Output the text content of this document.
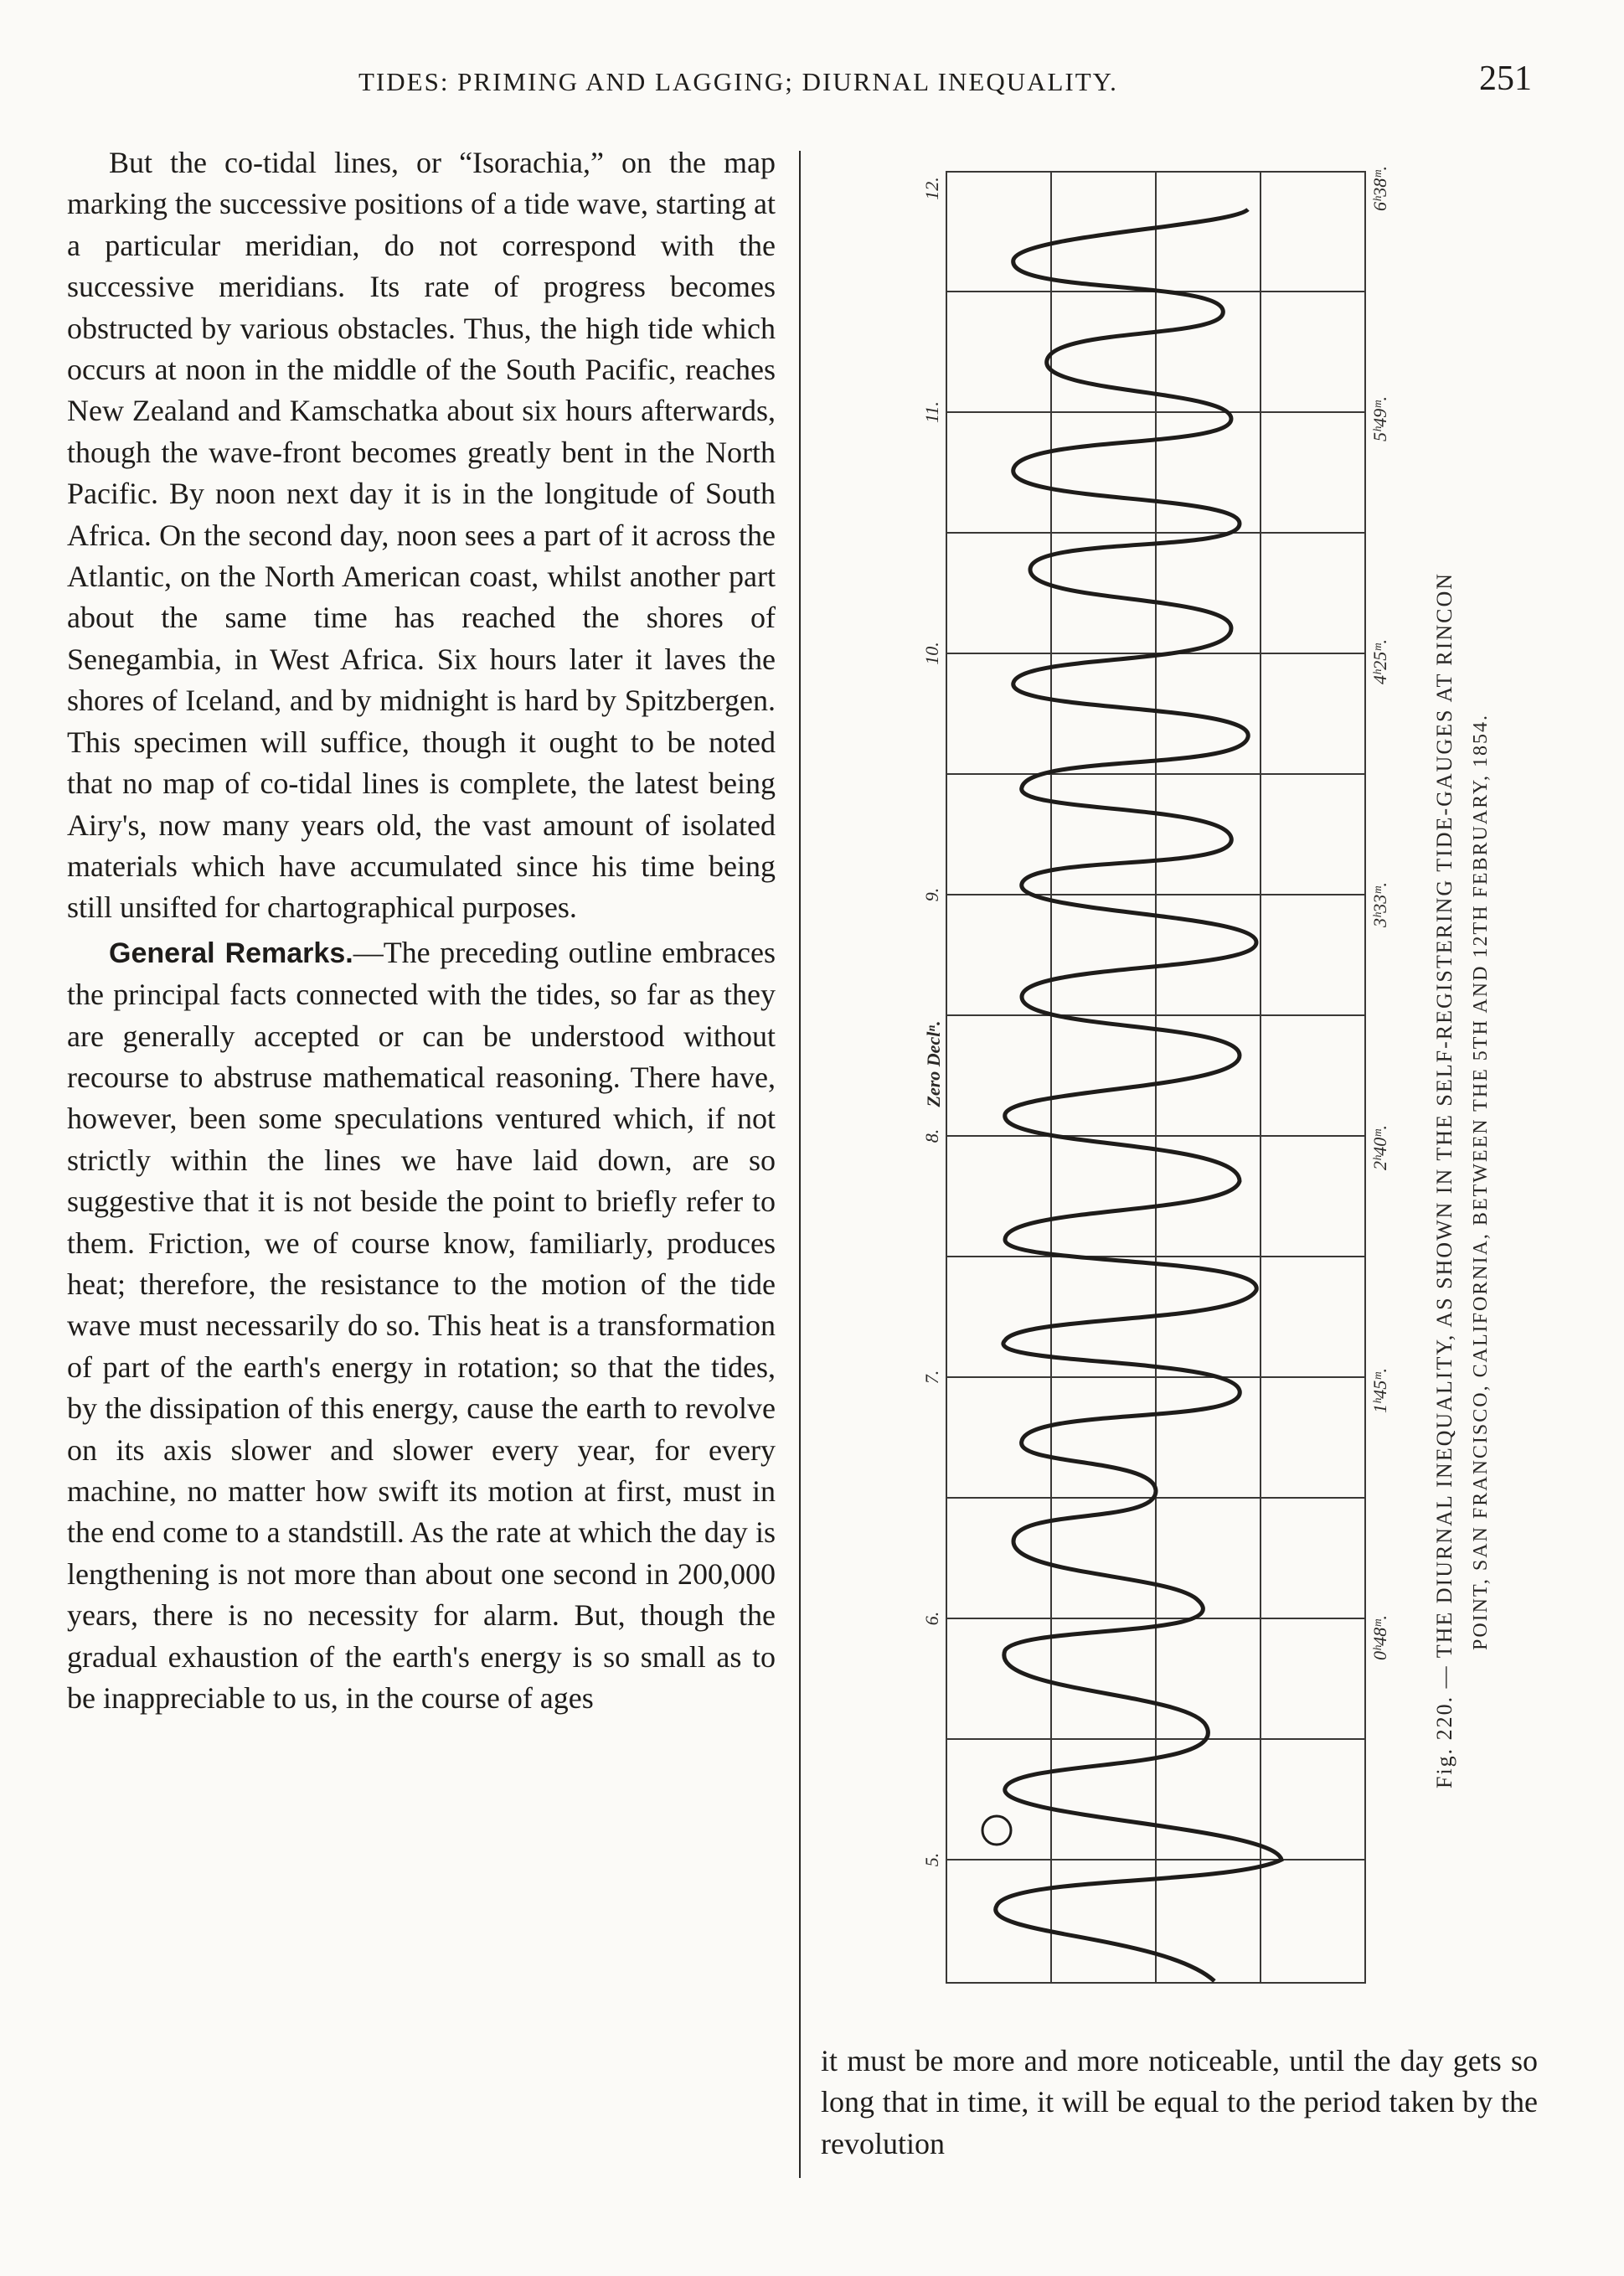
TIDES: PRIMING AND LAGGING; DIURNAL INEQUALITY.	251

But the co-tidal lines, or “Isorachia,” on the map marking the successive positions of a tide wave, starting at a particular meridian, do not correspond with the successive meridians. Its rate of progress becomes obstructed by various obstacles. Thus, the high tide which occurs at noon in the middle of the South Pacific, reaches New Zealand and Kamschatka about six hours afterwards, though the wave-front becomes greatly bent in the North Pacific. By noon next day it is in the longitude of South Africa. On the second day, noon sees a part of it across the Atlantic, on the North American coast, whilst another part about the same time has reached the shores of Senegambia, in West Africa. Six hours later it laves the shores of Iceland, and by midnight is hard by Spitzbergen. This specimen will suffice, though it ought to be noted that no map of co-tidal lines is complete, the latest being Airy's, now many years old, the vast amount of isolated materials which have accumulated since his time being still unsifted for chartographical purposes.

General Remarks.—The preceding outline embraces the principal facts connected with the tides, so far as they are generally accepted or can be understood without recourse to abstruse mathematical reasoning. There have, however, been some speculations ventured which, if not strictly within the lines we have laid down, are so suggestive that it is not beside the point to briefly refer to them. Friction, we of course know, familiarly, produces heat; therefore, the resistance to the motion of the tide wave must necessarily do so. This heat is a transformation of part of the earth's energy in rotation; so that the tides, by the dissipation of this energy, cause the earth to revolve on its axis slower and slower every year, for every machine, no matter how swift its motion at first, must in the end come to a standstill. As the rate at which the day is lengthening is not more than about one second in 200,000 years, there is no necessity for alarm. But, though the gradual exhaustion of the earth's energy is so small as to be inappreciable to us, in the course of ages

12.
11.
10.
9.
8.
7.
6.
5.
Zero Declⁿ.
6ʰ38ᵐ.
5ʰ49ᵐ.
4ʰ25ᵐ.
3ʰ33ᵐ.
2ʰ40ᵐ.
1ʰ45ᵐ.
0ʰ48ᵐ. Fig. 220. — THE DIURNAL INEQUALITY, AS SHOWN IN THE SELF-REGISTERING TIDE-GAUGES AT RINCON POINT, SAN FRANCISCO, CALIFORNIA, BETWEEN THE 5TH AND 12TH FEBRUARY, 1854.
it must be more and more noticeable, until the day gets so long that in time, it will be equal to the period taken by the revolution
